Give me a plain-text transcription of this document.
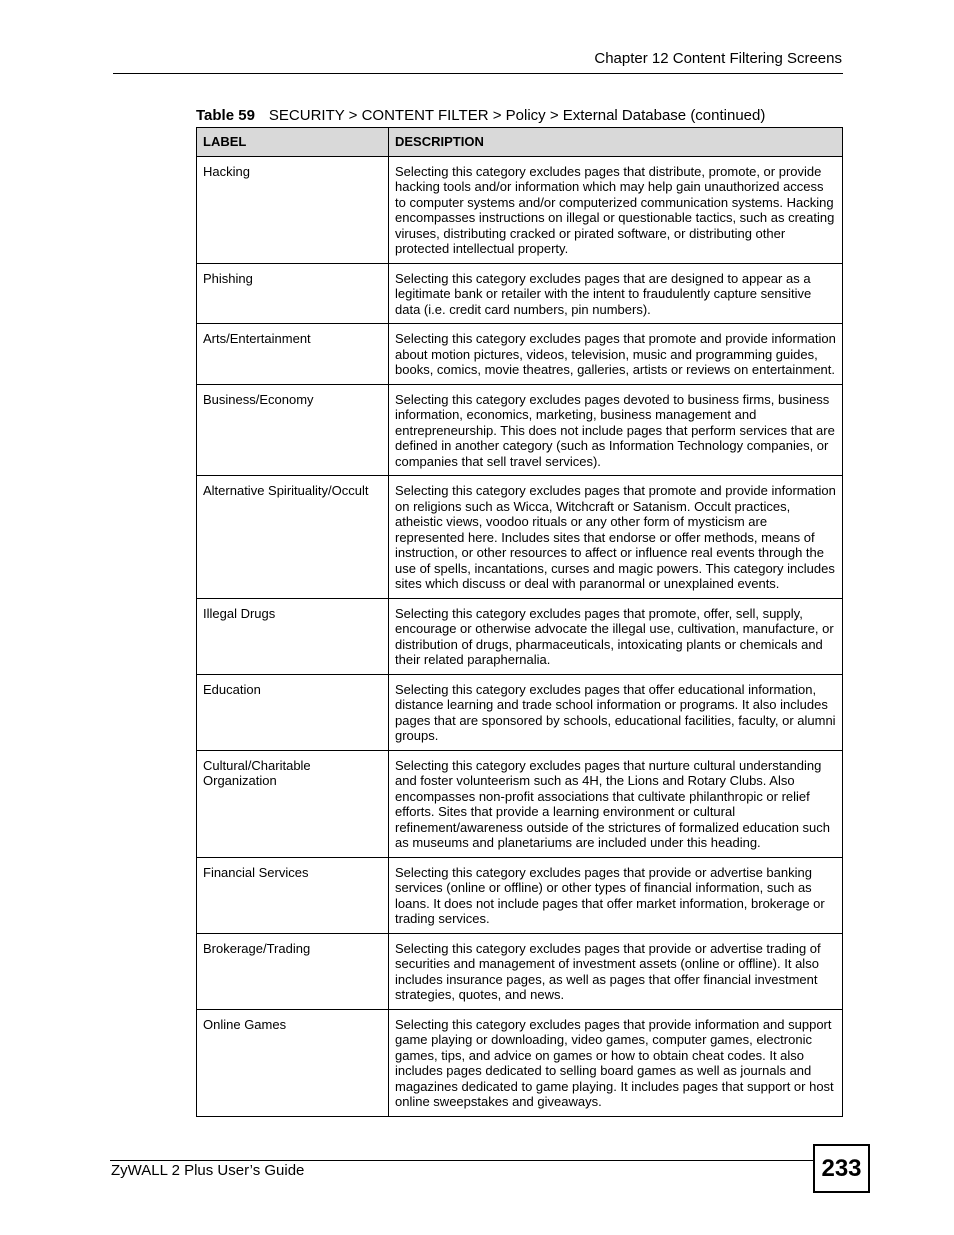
Chapter 12 Content Filtering Screens
Table 59 SECURITY > CONTENT FILTER > Policy > External Database (continued)
LABEL	DESCRIPTION
Hacking	Selecting this category excludes pages that distribute, promote, or provide hacking tools and/or information which may help gain unauthorized access to computer systems and/or computerized communication systems. Hacking encompasses instructions on illegal or questionable tactics, such as creating viruses, distributing cracked or pirated software, or distributing other protected intellectual property.
Phishing	Selecting this category excludes pages that are designed to appear as a legitimate bank or retailer with the intent to fraudulently capture sensitive data (i.e. credit card numbers, pin numbers).
Arts/Entertainment	Selecting this category excludes pages that promote and provide information about motion pictures, videos, television, music and programming guides, books, comics, movie theatres, galleries, artists or reviews on entertainment.
Business/Economy	Selecting this category excludes pages devoted to business firms, business information, economics, marketing, business management and entrepreneurship. This does not include pages that perform services that are defined in another category (such as Information Technology companies, or companies that sell travel services).
Alternative Spirituality/Occult	Selecting this category excludes pages that promote and provide information on religions such as Wicca, Witchcraft or Satanism. Occult practices, atheistic views, voodoo rituals or any other form of mysticism are represented here. Includes sites that endorse or offer methods, means of instruction, or other resources to affect or influence real events through the use of spells, incantations, curses and magic powers. This category includes sites which discuss or deal with paranormal or unexplained events.
Illegal Drugs	Selecting this category excludes pages that promote, offer, sell, supply, encourage or otherwise advocate the illegal use, cultivation, manufacture, or distribution of drugs, pharmaceuticals, intoxicating plants or chemicals and their related paraphernalia.
Education	Selecting this category excludes pages that offer educational information, distance learning and trade school information or programs. It also includes pages that are sponsored by schools, educational facilities, faculty, or alumni groups.
Cultural/Charitable Organization	Selecting this category excludes pages that nurture cultural understanding and foster volunteerism such as 4H, the Lions and Rotary Clubs. Also encompasses non-profit associations that cultivate philanthropic or relief efforts. Sites that provide a learning environment or cultural refinement/awareness outside of the strictures of formalized education such as museums and planetariums are included under this heading.
Financial Services	Selecting this category excludes pages that provide or advertise banking services (online or offline) or other types of financial information, such as loans. It does not include pages that offer market information, brokerage or trading services.
Brokerage/Trading	Selecting this category excludes pages that provide or advertise trading of securities and management of investment assets (online or offline). It also includes insurance pages, as well as pages that offer financial investment strategies, quotes, and news.
Online Games	Selecting this category excludes pages that provide information and support game playing or downloading, video games, computer games, electronic games, tips, and advice on games or how to obtain cheat codes. It also includes pages dedicated to selling board games as well as journals and magazines dedicated to game playing. It includes pages that support or host online sweepstakes and giveaways.
ZyWALL 2 Plus User’s Guide	233
